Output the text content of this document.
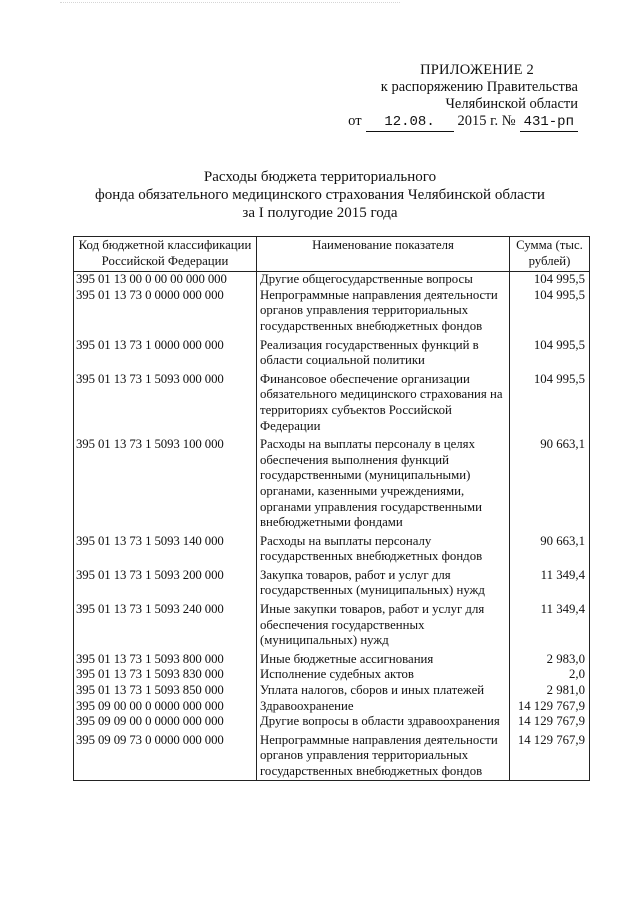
ПРИЛОЖЕНИЕ 2
к распоряжению Правительства
Челябинской области
от	12.08.	2015 г. № 431-рп
Расходы бюджета территориального
фонда обязательного медицинского страхования Челябинской области
за I полугодие 2015 года
Код бюджетной классификации Российской Федерации	Наименование показателя	Сумма (тыс. рублей)
395 01 13 00 0 00 00 000 000	Другие общегосударственные вопросы	104 995,5
395 01 13 73 0 0000 000 000	Непрограммные направления деятельности органов управления территориальных государственных внебюджетных фондов	104 995,5
395 01 13 73 1 0000 000 000	Реализация государственных функций в области социальной политики	104 995,5
395 01 13 73 1 5093 000 000	Финансовое обеспечение организации обязательного медицинского страхования на территориях субъектов Российской Федерации	104 995,5
395 01 13 73 1 5093 100 000	Расходы на выплаты персоналу в целях обеспечения выполнения функций государственными (муниципальными) органами, казенными учреждениями, органами управления государственными внебюджетными фондами	90 663,1
395 01 13 73 1 5093 140 000	Расходы на выплаты персоналу государственных внебюджетных фондов	90 663,1
395 01 13 73 1 5093 200 000	Закупка товаров, работ и услуг для государственных (муниципальных) нужд	11 349,4
395 01 13 73 1 5093 240 000	Иные закупки товаров, работ и услуг для обеспечения государственных (муниципальных) нужд	11 349,4
395 01 13 73 1 5093 800 000	Иные бюджетные ассигнования	2 983,0
395 01 13 73 1 5093 830 000	Исполнение судебных актов	2,0
395 01 13 73 1 5093 850 000	Уплата налогов, сборов и иных платежей	2 981,0
395 09 00 00 0 0000 000 000	Здравоохранение	14 129 767,9
395 09 09 00 0 0000 000 000	Другие вопросы в области здравоохранения	14 129 767,9
395 09 09 73 0 0000 000 000	Непрограммные направления деятельности органов управления территориальных государственных внебюджетных фондов	14 129 767,9
